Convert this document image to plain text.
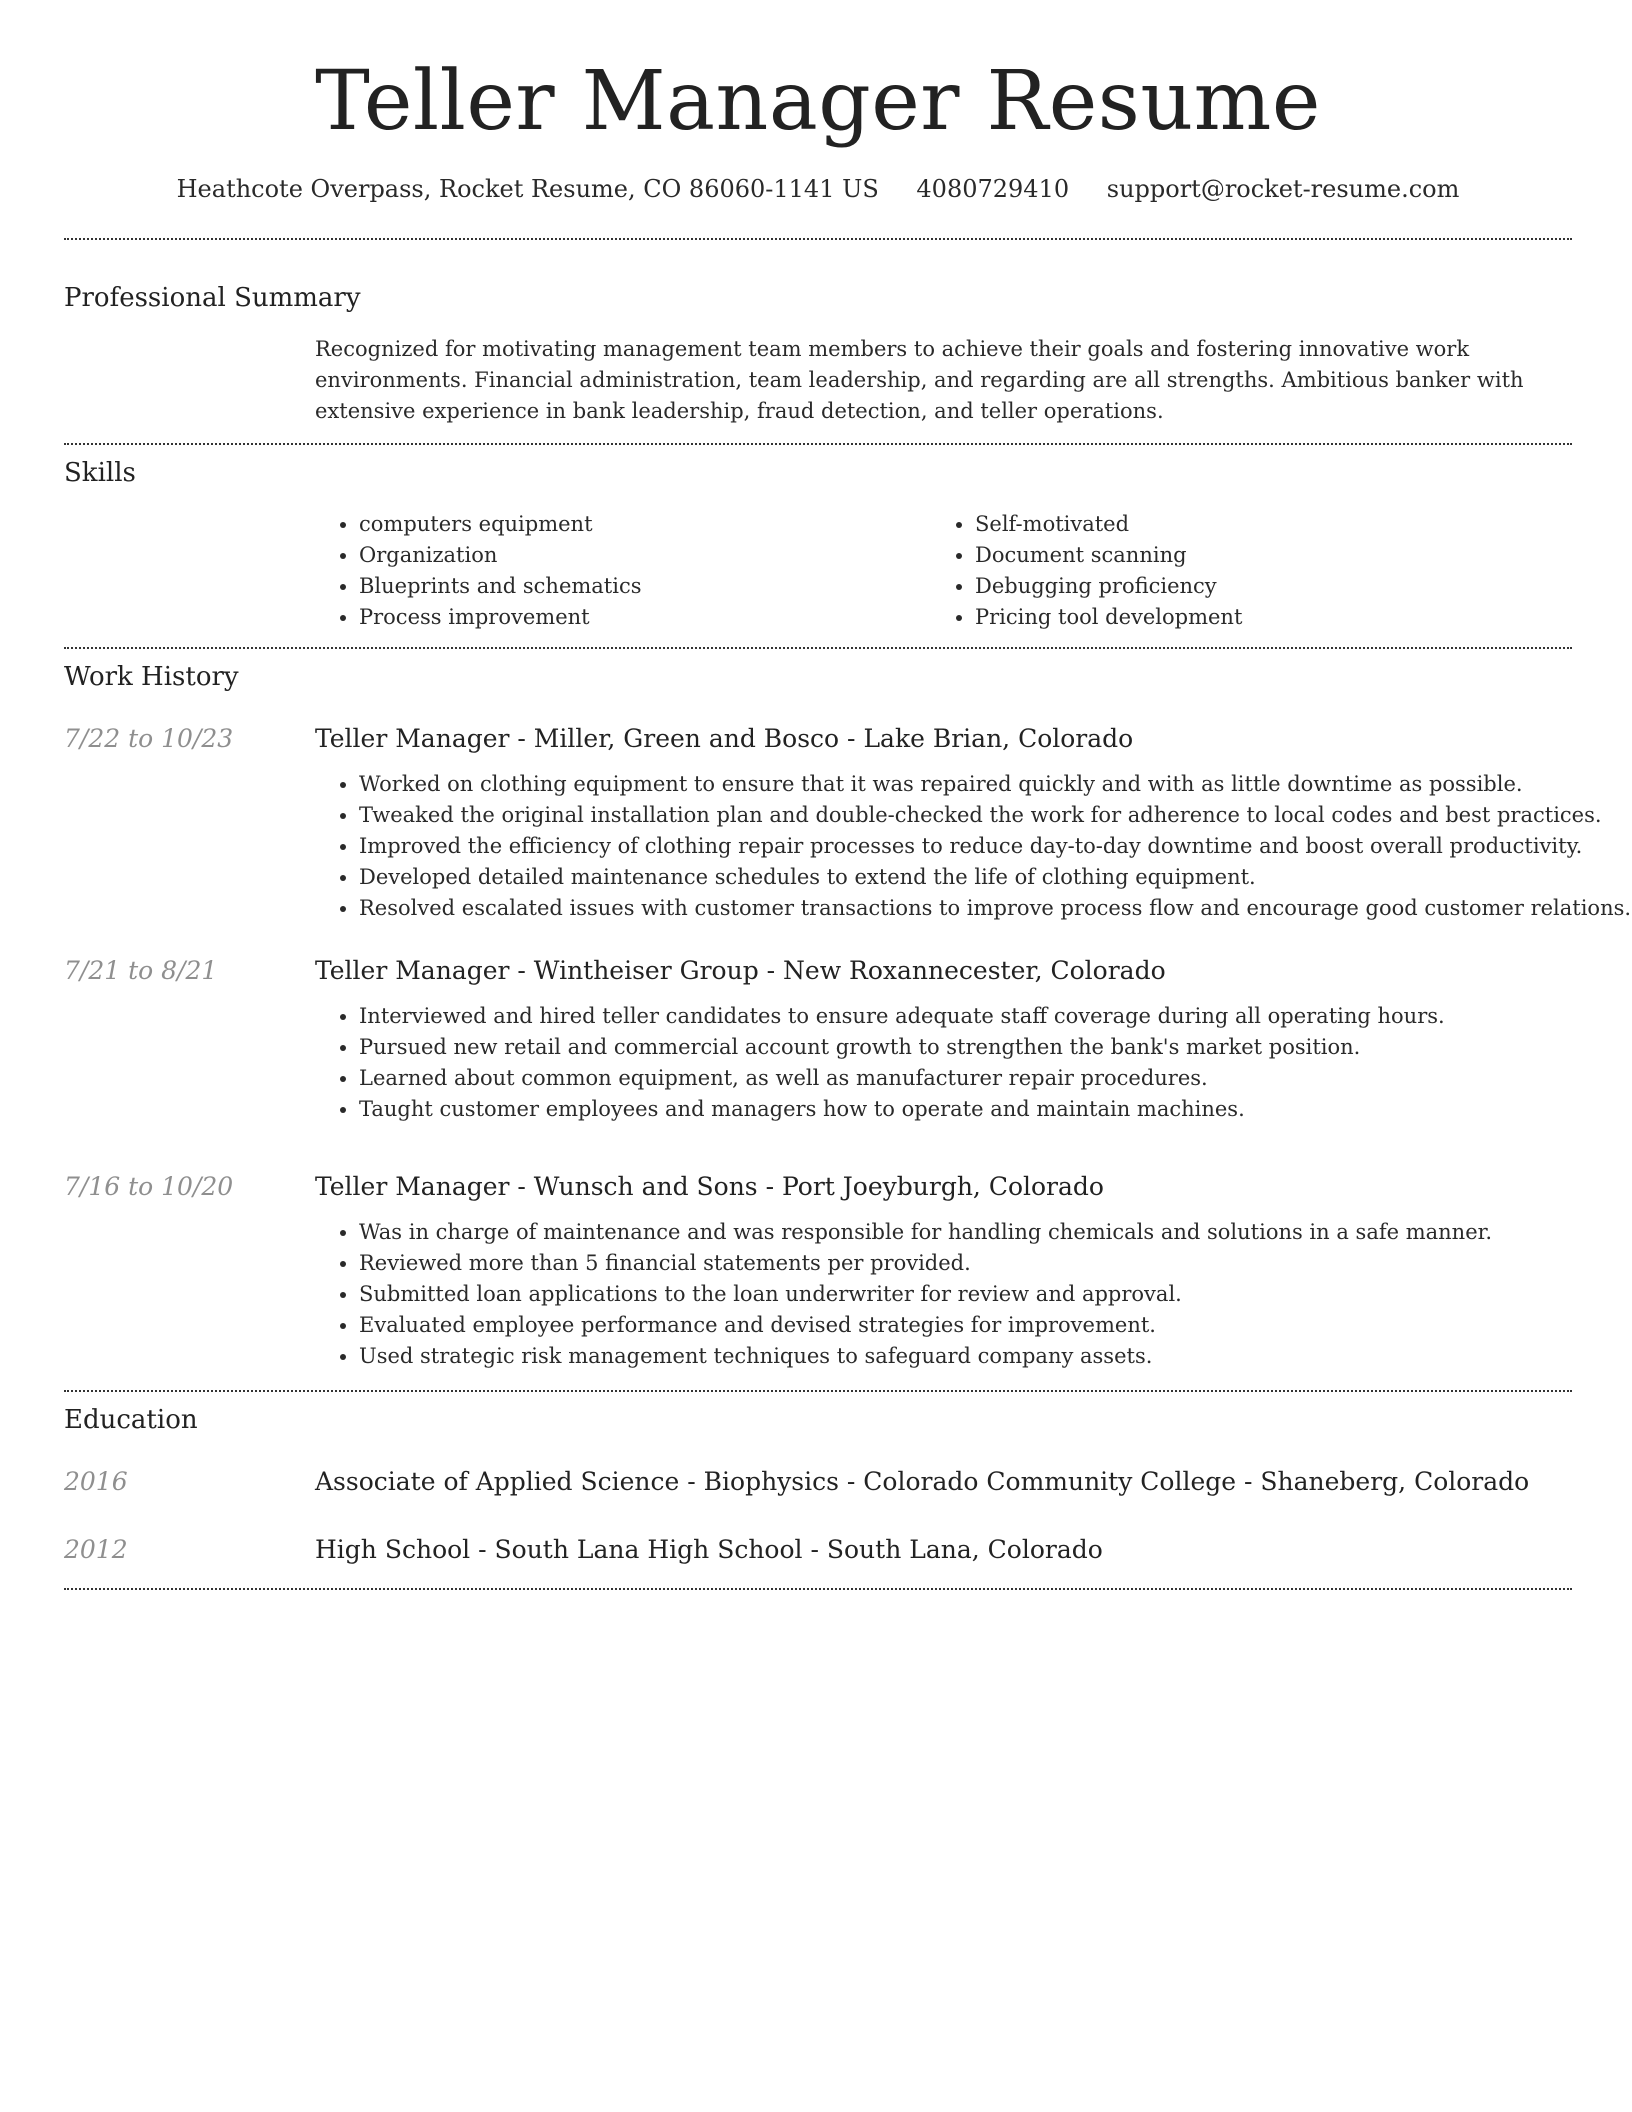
Teller Manager Resume
Heathcote Overpass, Rocket Resume, CO 86060-1141 US 4080729410 support@rocket-resume.com
Professional Summary
Recognized for motivating management team members to achieve their goals and fostering innovative work environments. Financial administration, team leadership, and regarding are all strengths. Ambitious banker with extensive experience in bank leadership, fraud detection, and teller operations.
Skills
• computers equipment
• Organization
• Blueprints and schematics
• Process improvement
• Self-motivated
• Document scanning
• Debugging proficiency
• Pricing tool development
Work History
7/22 to 10/23	Teller Manager - Miller, Green and Bosco - Lake Brian, Colorado
• Worked on clothing equipment to ensure that it was repaired quickly and with as little downtime as possible.
• Tweaked the original installation plan and double-checked the work for adherence to local codes and best practices.
• Improved the efficiency of clothing repair processes to reduce day-to-day downtime and boost overall productivity.
• Developed detailed maintenance schedules to extend the life of clothing equipment.
• Resolved escalated issues with customer transactions to improve process flow and encourage good customer relations.
7/21 to 8/21	Teller Manager - Wintheiser Group - New Roxannecester, Colorado
• Interviewed and hired teller candidates to ensure adequate staff coverage during all operating hours.
• Pursued new retail and commercial account growth to strengthen the bank's market position.
• Learned about common equipment, as well as manufacturer repair procedures.
• Taught customer employees and managers how to operate and maintain machines.
7/16 to 10/20	Teller Manager - Wunsch and Sons - Port Joeyburgh, Colorado
• Was in charge of maintenance and was responsible for handling chemicals and solutions in a safe manner.
• Reviewed more than 5 financial statements per provided.
• Submitted loan applications to the loan underwriter for review and approval.
• Evaluated employee performance and devised strategies for improvement.
• Used strategic risk management techniques to safeguard company assets.
Education
2016	Associate of Applied Science - Biophysics - Colorado Community College - Shaneberg, Colorado
2012	High School - South Lana High School - South Lana, Colorado
